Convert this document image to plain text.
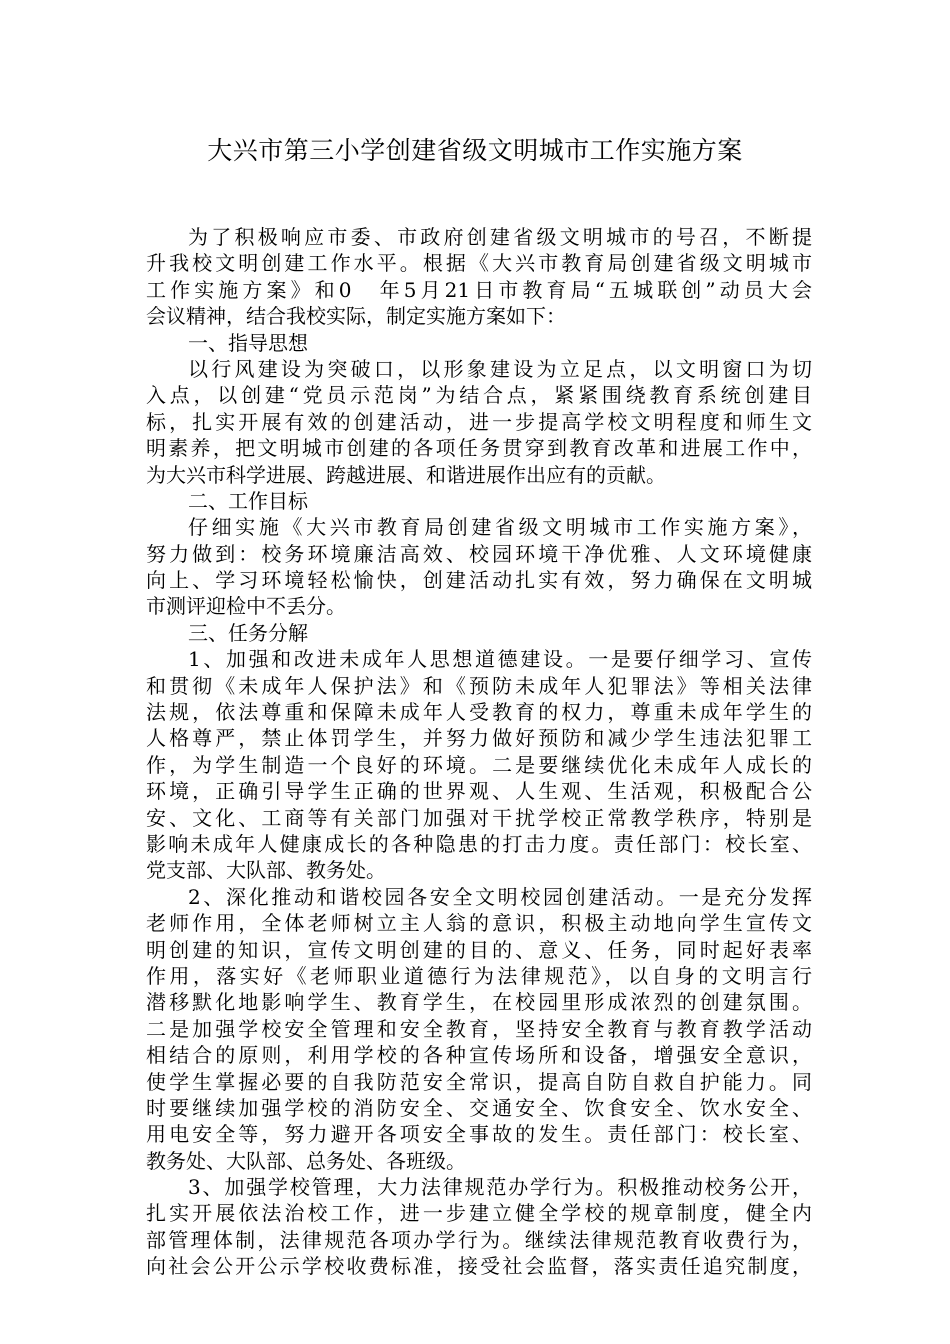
大兴市第三小学创建省级文明城市工作实施方案
为了积极响应市委、市政府创建省级文明城市的号召，不断提
升我校文明创建工作水平。根据《大兴市教育局创建省级文明城市
工作实施方案》和0　年5月21日市教育局“五城联创”动员大会
会议精神，结合我校实际，制定实施方案如下：
一、指导思想
以行风建设为突破口，以形象建设为立足点，以文明窗口为切
入点，以创建“党员示范岗”为结合点，紧紧围绕教育系统创建目
标，扎实开展有效的创建活动，进一步提高学校文明程度和师生文
明素养，把文明城市创建的各项任务贯穿到教育改革和进展工作中，
为大兴市科学进展、跨越进展、和谐进展作出应有的贡献。
二、工作目标
仔细实施《大兴市教育局创建省级文明城市工作实施方案》，
努力做到：校务环境廉洁高效、校园环境干净优雅、人文环境健康
向上、学习环境轻松愉快，创建活动扎实有效，努力确保在文明城
市测评迎检中不丢分。
三、任务分解
1、加强和改进未成年人思想道德建设。一是要仔细学习、宣传
和贯彻《未成年人保护法》和《预防未成年人犯罪法》等相关法律
法规，依法尊重和保障未成年人受教育的权力，尊重未成年学生的
人格尊严，禁止体罚学生，并努力做好预防和减少学生违法犯罪工
作，为学生制造一个良好的环境。二是要继续优化未成年人成长的
环境，正确引导学生正确的世界观、人生观、生活观，积极配合公
安、文化、工商等有关部门加强对干扰学校正常教学秩序，特别是
影响未成年人健康成长的各种隐患的打击力度。责任部门：校长室、
党支部、大队部、教务处。
2、深化推动和谐校园各安全文明校园创建活动。一是充分发挥
老师作用，全体老师树立主人翁的意识，积极主动地向学生宣传文
明创建的知识，宣传文明创建的目的、意义、任务，同时起好表率
作用，落实好《老师职业道德行为法律规范》，以自身的文明言行
潜移默化地影响学生、教育学生，在校园里形成浓烈的创建氛围。
二是加强学校安全管理和安全教育，坚持安全教育与教育教学活动
相结合的原则，利用学校的各种宣传场所和设备，增强安全意识，
使学生掌握必要的自我防范安全常识，提高自防自救自护能力。同
时要继续加强学校的消防安全、交通安全、饮食安全、饮水安全、
用电安全等，努力避开各项安全事故的发生。责任部门：校长室、
教务处、大队部、总务处、各班级。
3、加强学校管理，大力法律规范办学行为。积极推动校务公开，
扎实开展依法治校工作，进一步建立健全学校的规章制度，健全内
部管理体制，法律规范各项办学行为。继续法律规范教育收费行为，
向社会公开公示学校收费标准，接受社会监督，落实责任追究制度，
